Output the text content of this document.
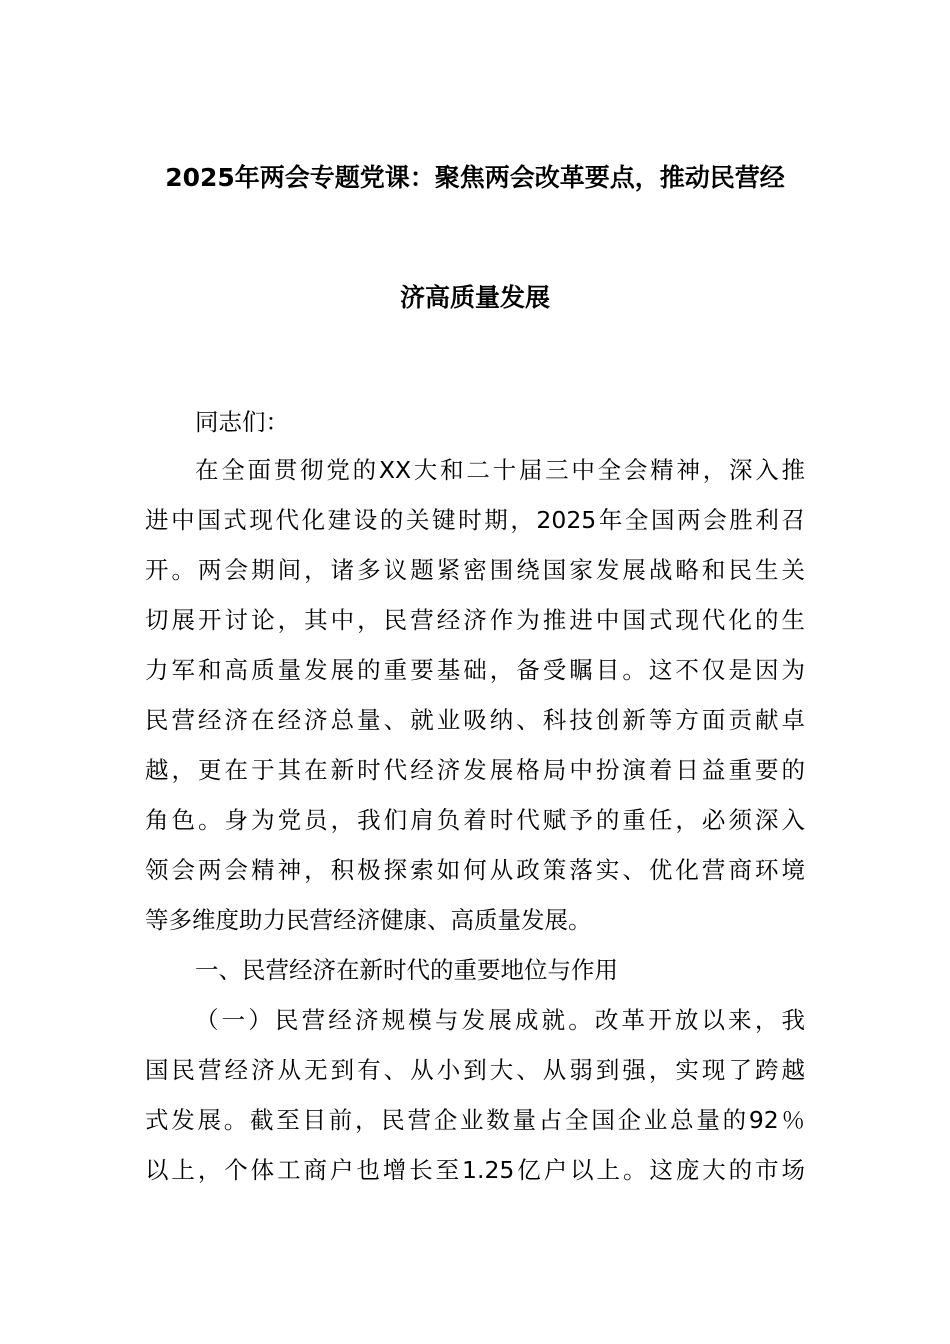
2025年两会专题党课：聚焦两会改革要点，推动民营经
济高质量发展
同志们：
在全面贯彻党的XX大和二十届三中全会精神，深入推
进中国式现代化建设的关键时期，2025年全国两会胜利召
开。两会期间，诸多议题紧密围绕国家发展战略和民生关
切展开讨论，其中，民营经济作为推进中国式现代化的生
力军和高质量发展的重要基础，备受瞩目。这不仅是因为
民营经济在经济总量、就业吸纳、科技创新等方面贡献卓
越，更在于其在新时代经济发展格局中扮演着日益重要的
角色。身为党员，我们肩负着时代赋予的重任，必须深入
领会两会精神，积极探索如何从政策落实、优化营商环境
等多维度助力民营经济健康、高质量发展。
一、民营经济在新时代的重要地位与作用
（一）民营经济规模与发展成就。改革开放以来，我
国民营经济从无到有、从小到大、从弱到强，实现了跨越
式发展。截至目前，民营企业数量占全国企业总量的92％
以上，个体工商户也增长至1.25亿户以上。这庞大的市场
